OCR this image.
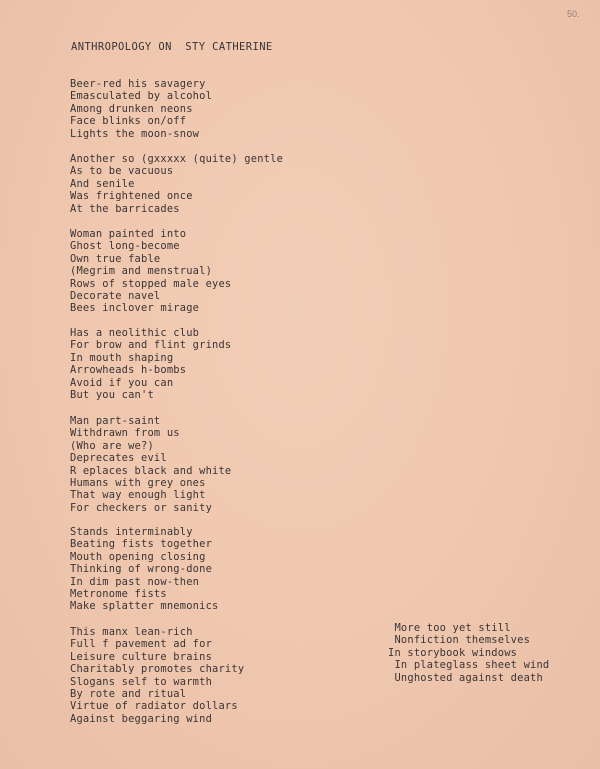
50.
ANTHROPOLOGY ON  STY CATHERINE
Beer-red his savagery
Emasculated by alcohol
Among drunken neons
Face blinks on/off
Lights the moon-snow
Another so (gxxxxx (quite) gentle
As to be vacuous
And senile
Was frightened once
At the barricades
Woman painted into
Ghost long-become
Own true fable
(Megrim and menstrual)
Rows of stopped male eyes
Decorate navel
Bees inclover mirage
Has a neolithic club
For brow and flint grinds
In mouth shaping
Arrowheads h-bombs
Avoid if you can
But you can't
Man part-saint
Withdrawn from us
(Who are we?)
Deprecates evil
R eplaces black and white
Humans with grey ones
That way enough light
For checkers or sanity
Stands interminably
Beating fists together
Mouth opening closing
Thinking of wrong-done
In dim past now-then
Metronome fists
Make splatter mnemonics
This manx lean-rich
Full f pavement ad for
Leisure culture brains
Charitably promotes charity
Slogans self to warmth
By rote and ritual
Virtue of radiator dollars
Against beggaring wind
More too yet still
Nonfiction themselves
In storybook windows
In plateglass sheet wind
Unghosted against death
